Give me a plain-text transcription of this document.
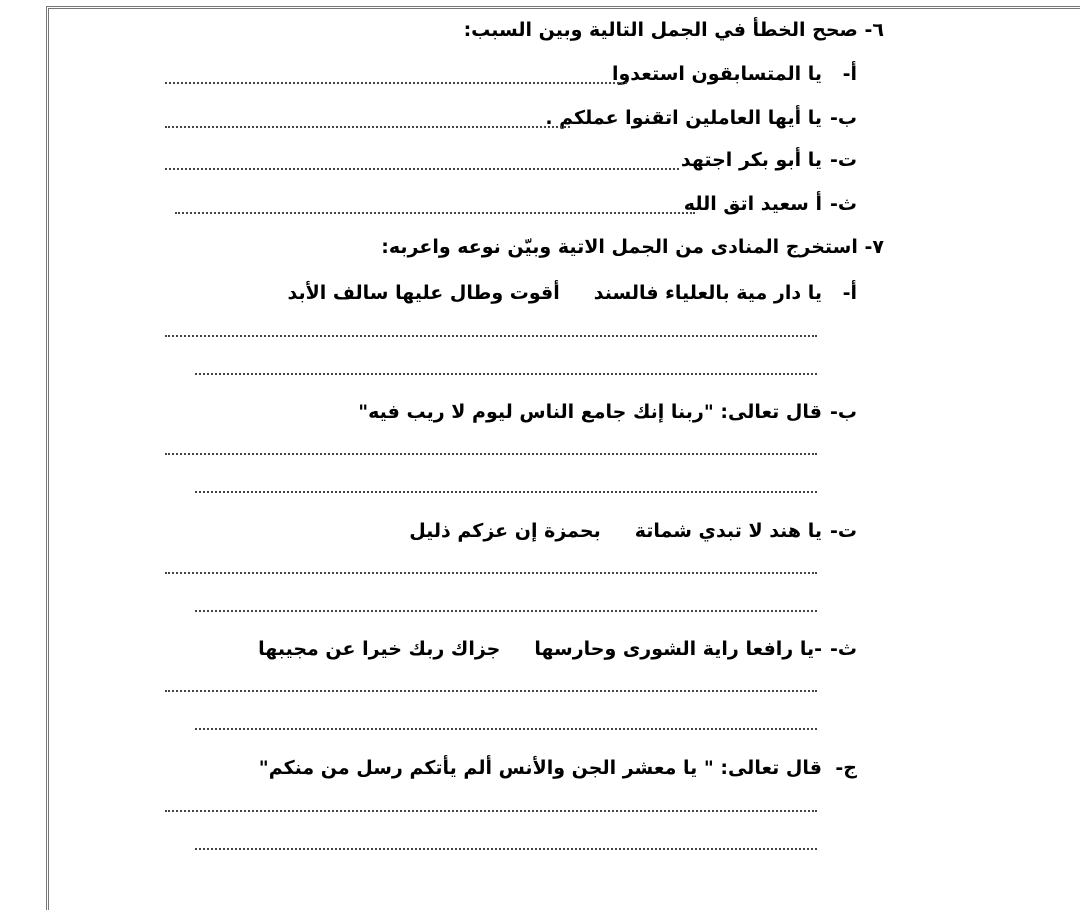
٦- صحح الخطأ في الجمل التالية وبين السبب:
أ-
يا المتسابقون استعدوا
ب-
يا أيها العاملين اتقنوا عملكم .
ت-
يا أبو بكر اجتهد
ث-
أ سعيد اتق الله
٧- استخرج المنادى من الجمل الاتية وبيّن نوعه واعربه:
أ-
يا دار مية بالعلياء فالسندأقوت وطال عليها سالف الأبد
ب-
قال تعالى: "ربنا إنك جامع الناس ليوم لا ريب فيه"
ت-
يا هند لا تبدي شماتةبحمزة إن عزكم ذليل
ث-
-يا رافعا راية الشورى وحارسهاجزاك ربك خيرا عن مجيبها
ج-
قال تعالى: " يا معشر الجن والأنس ألم يأتكم رسل من منكم"
